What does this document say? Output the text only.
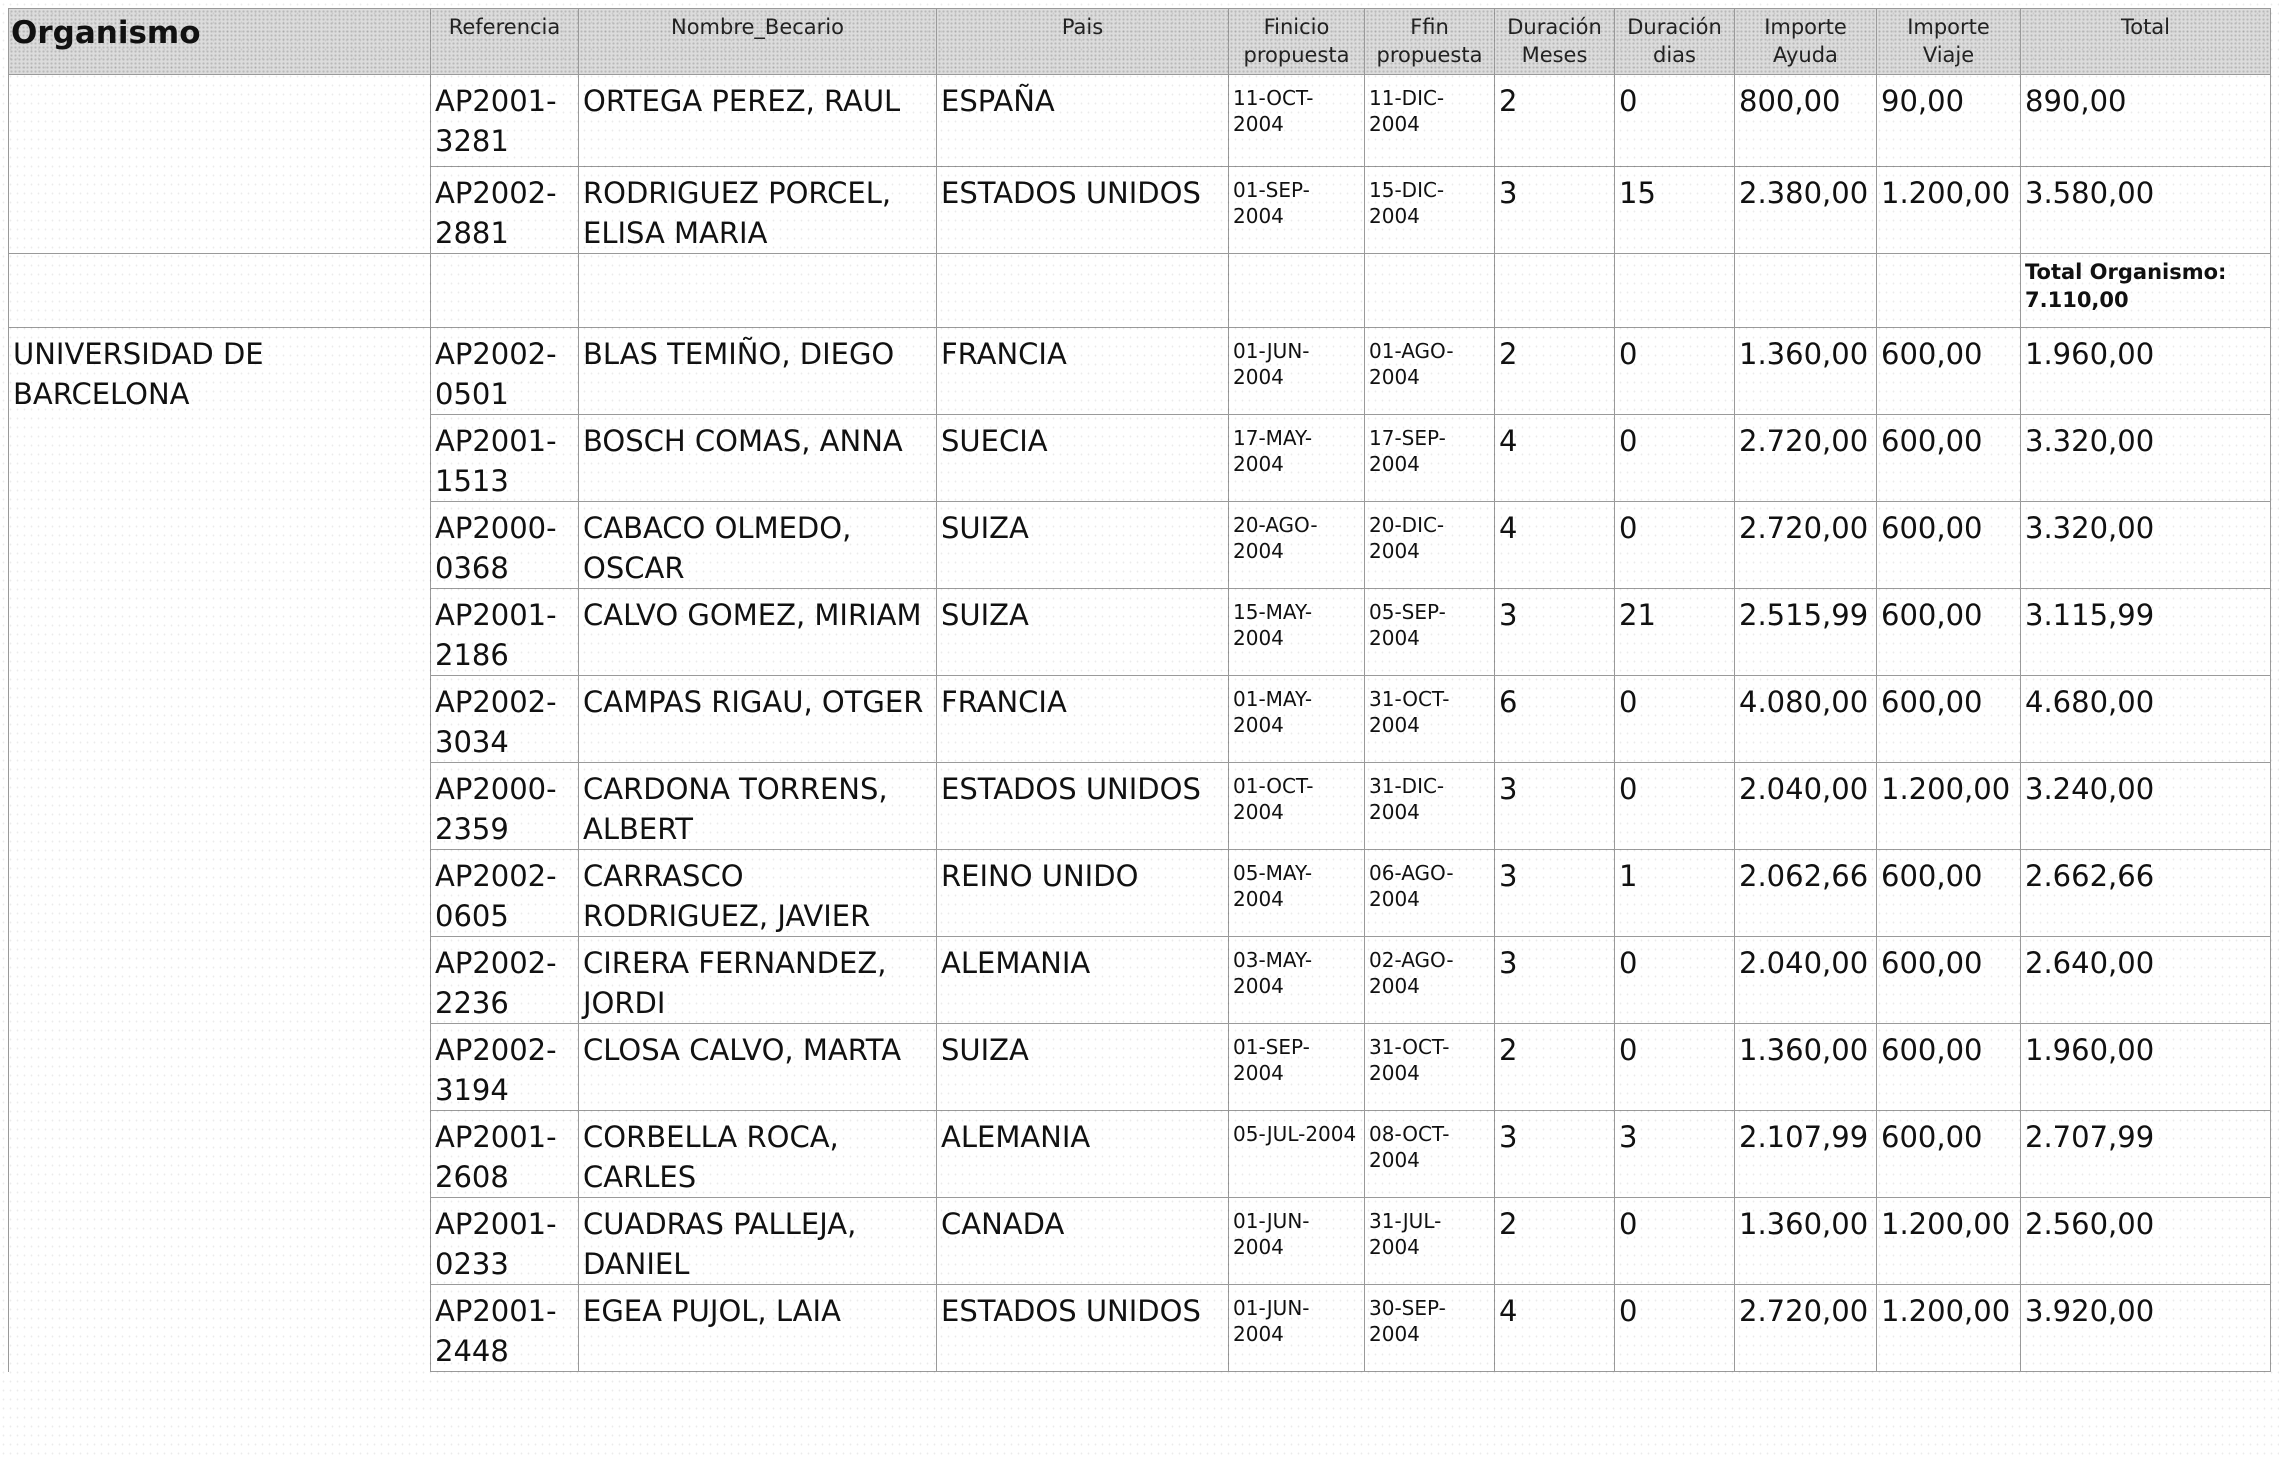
Organismo	Referencia	Nombre_Becario	Pais	Finicio propuesta	Ffin propuesta	Duración Meses	Duración dias	Importe Ayuda	Importe Viaje	Total
	AP2001-3281	ORTEGA PEREZ, RAUL	ESPAÑA	11-OCT-2004	11-DIC-2004	2	0	800,00	90,00	890,00
	AP2002-2881	RODRIGUEZ PORCEL, ELISA MARIA	ESTADOS UNIDOS	01-SEP-2004	15-DIC-2004	3	15	2.380,00	1.200,00	3.580,00
										Total Organismo: 7.110,00
UNIVERSIDAD DE BARCELONA	AP2002-0501	BLAS TEMIÑO, DIEGO	FRANCIA	01-JUN-2004	01-AGO-2004	2	0	1.360,00	600,00	1.960,00
	AP2001-1513	BOSCH COMAS, ANNA	SUECIA	17-MAY-2004	17-SEP-2004	4	0	2.720,00	600,00	3.320,00
	AP2000-0368	CABACO OLMEDO, OSCAR	SUIZA	20-AGO-2004	20-DIC-2004	4	0	2.720,00	600,00	3.320,00
	AP2001-2186	CALVO GOMEZ, MIRIAM	SUIZA	15-MAY-2004	05-SEP-2004	3	21	2.515,99	600,00	3.115,99
	AP2002-3034	CAMPAS RIGAU, OTGER	FRANCIA	01-MAY-2004	31-OCT-2004	6	0	4.080,00	600,00	4.680,00
	AP2000-2359	CARDONA TORRENS, ALBERT	ESTADOS UNIDOS	01-OCT-2004	31-DIC-2004	3	0	2.040,00	1.200,00	3.240,00
	AP2002-0605	CARRASCO RODRIGUEZ, JAVIER	REINO UNIDO	05-MAY-2004	06-AGO-2004	3	1	2.062,66	600,00	2.662,66
	AP2002-2236	CIRERA FERNANDEZ, JORDI	ALEMANIA	03-MAY-2004	02-AGO-2004	3	0	2.040,00	600,00	2.640,00
	AP2002-3194	CLOSA CALVO, MARTA	SUIZA	01-SEP-2004	31-OCT-2004	2	0	1.360,00	600,00	1.960,00
	AP2001-2608	CORBELLA ROCA, CARLES	ALEMANIA	05-JUL-2004	08-OCT-2004	3	3	2.107,99	600,00	2.707,99
	AP2001-0233	CUADRAS PALLEJA, DANIEL	CANADA	01-JUN-2004	31-JUL-2004	2	0	1.360,00	1.200,00	2.560,00
	AP2001-2448	EGEA PUJOL, LAIA	ESTADOS UNIDOS	01-JUN-2004	30-SEP-2004	4	0	2.720,00	1.200,00	3.920,00
